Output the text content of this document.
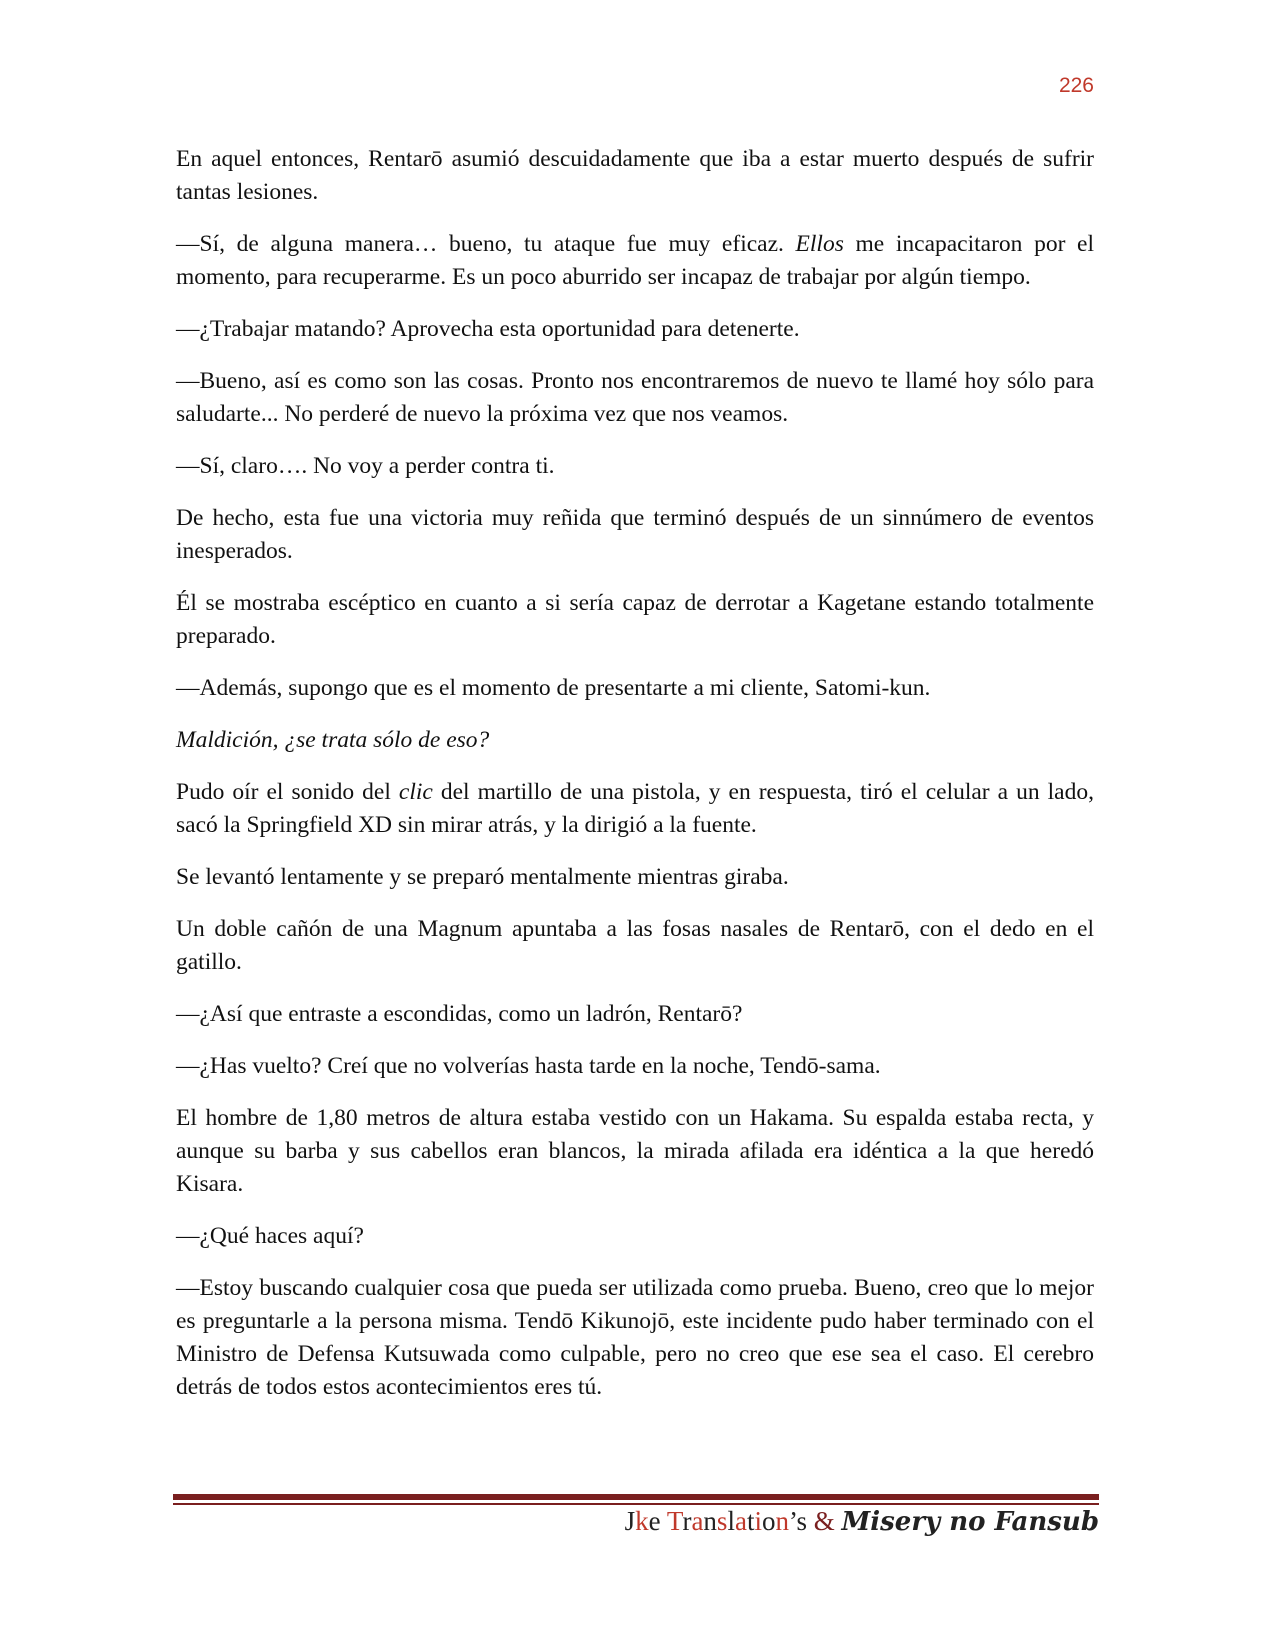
226

En aquel entonces, Rentarō asumió descuidadamente que iba a estar muerto después de sufrir tantas lesiones.

—Sí, de alguna manera… bueno, tu ataque fue muy eficaz. Ellos me incapacitaron por el momento, para recuperarme. Es un poco aburrido ser incapaz de trabajar por algún tiempo.

—¿Trabajar matando? Aprovecha esta oportunidad para detenerte.

—Bueno, así es como son las cosas. Pronto nos encontraremos de nuevo te llamé hoy sólo para saludarte... No perderé de nuevo la próxima vez que nos veamos.

—Sí, claro…. No voy a perder contra ti.

De hecho, esta fue una victoria muy reñida que terminó después de un sinnúmero de eventos inesperados.

Él se mostraba escéptico en cuanto a si sería capaz de derrotar a Kagetane estando totalmente preparado.

—Además, supongo que es el momento de presentarte a mi cliente, Satomi-kun.

Maldición, ¿se trata sólo de eso?

Pudo oír el sonido del clic del martillo de una pistola, y en respuesta, tiró el celular a un lado, sacó la Springfield XD sin mirar atrás, y la dirigió a la fuente.

Se levantó lentamente y se preparó mentalmente mientras giraba.

Un doble cañón de una Magnum apuntaba a las fosas nasales de Rentarō, con el dedo en el gatillo.

—¿Así que entraste a escondidas, como un ladrón, Rentarō?

—¿Has vuelto? Creí que no volverías hasta tarde en la noche, Tendō-sama.

El hombre de 1,80 metros de altura estaba vestido con un Hakama. Su espalda estaba recta, y aunque su barba y sus cabellos eran blancos, la mirada afilada era idéntica a la que heredó Kisara.

—¿Qué haces aquí?

—Estoy buscando cualquier cosa que pueda ser utilizada como prueba. Bueno, creo que lo mejor es preguntarle a la persona misma. Tendō Kikunojō, este incidente pudo haber terminado con el Ministro de Defensa Kutsuwada como culpable, pero no creo que ese sea el caso. El cerebro detrás de todos estos acontecimientos eres tú.

Jke Translation’s & Misery no Fansub
